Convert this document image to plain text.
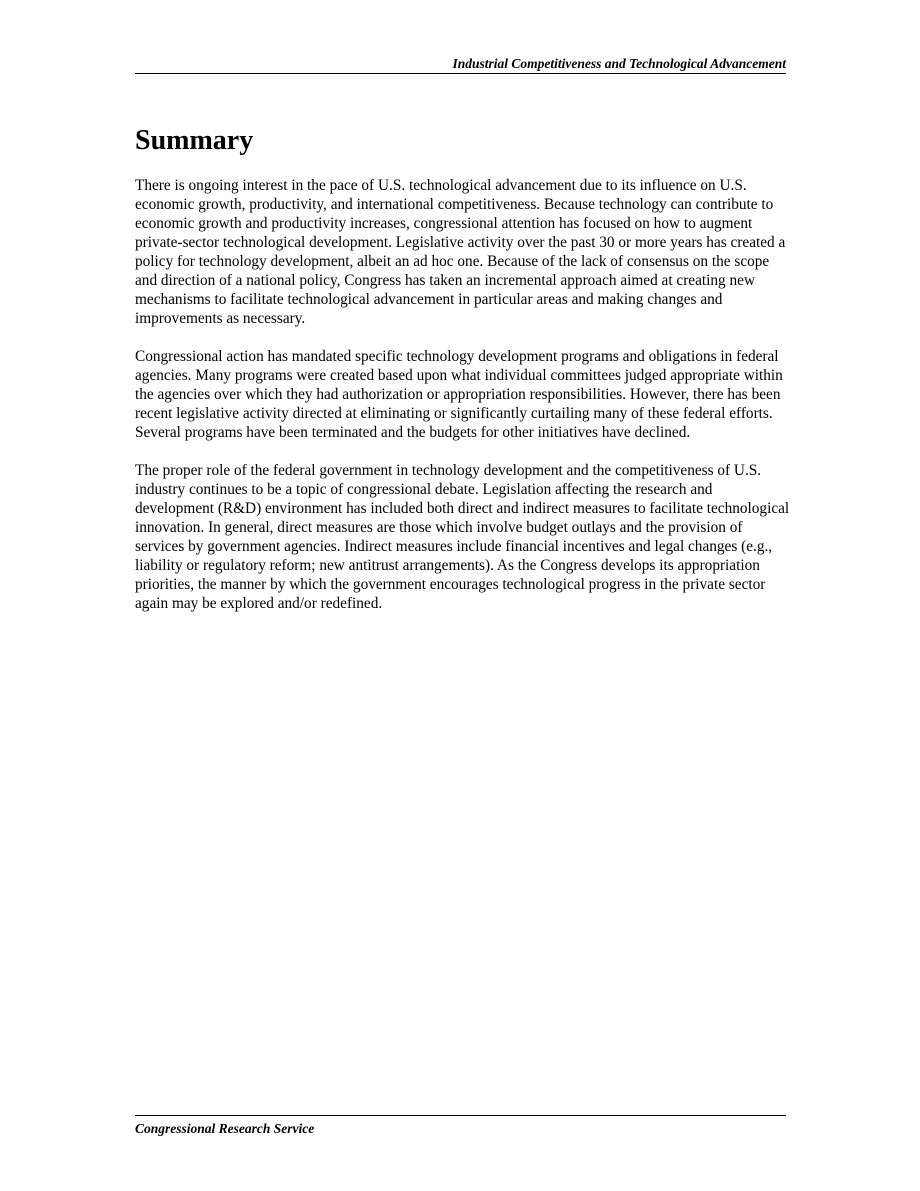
Industrial Competitiveness and Technological Advancement
Summary

There is ongoing interest in the pace of U.S. technological advancement due to its influence on U.S. economic growth, productivity, and international competitiveness. Because technology can contribute to economic growth and productivity increases, congressional attention has focused on how to augment private-sector technological development. Legislative activity over the past 30 or more years has created a policy for technology development, albeit an ad hoc one. Because of the lack of consensus on the scope and direction of a national policy, Congress has taken an incremental approach aimed at creating new mechanisms to facilitate technological advancement in particular areas and making changes and improvements as necessary.

Congressional action has mandated specific technology development programs and obligations in federal agencies. Many programs were created based upon what individual committees judged appropriate within the agencies over which they had authorization or appropriation responsibilities. However, there has been recent legislative activity directed at eliminating or significantly curtailing many of these federal efforts. Several programs have been terminated and the budgets for other initiatives have declined.

The proper role of the federal government in technology development and the competitiveness of U.S. industry continues to be a topic of congressional debate. Legislation affecting the research and development (R&D) environment has included both direct and indirect measures to facilitate technological innovation. In general, direct measures are those which involve budget outlays and the provision of services by government agencies. Indirect measures include financial incentives and legal changes (e.g., liability or regulatory reform; new antitrust arrangements). As the Congress develops its appropriation priorities, the manner by which the government encourages technological progress in the private sector again may be explored and/or redefined.

Congressional Research Service
